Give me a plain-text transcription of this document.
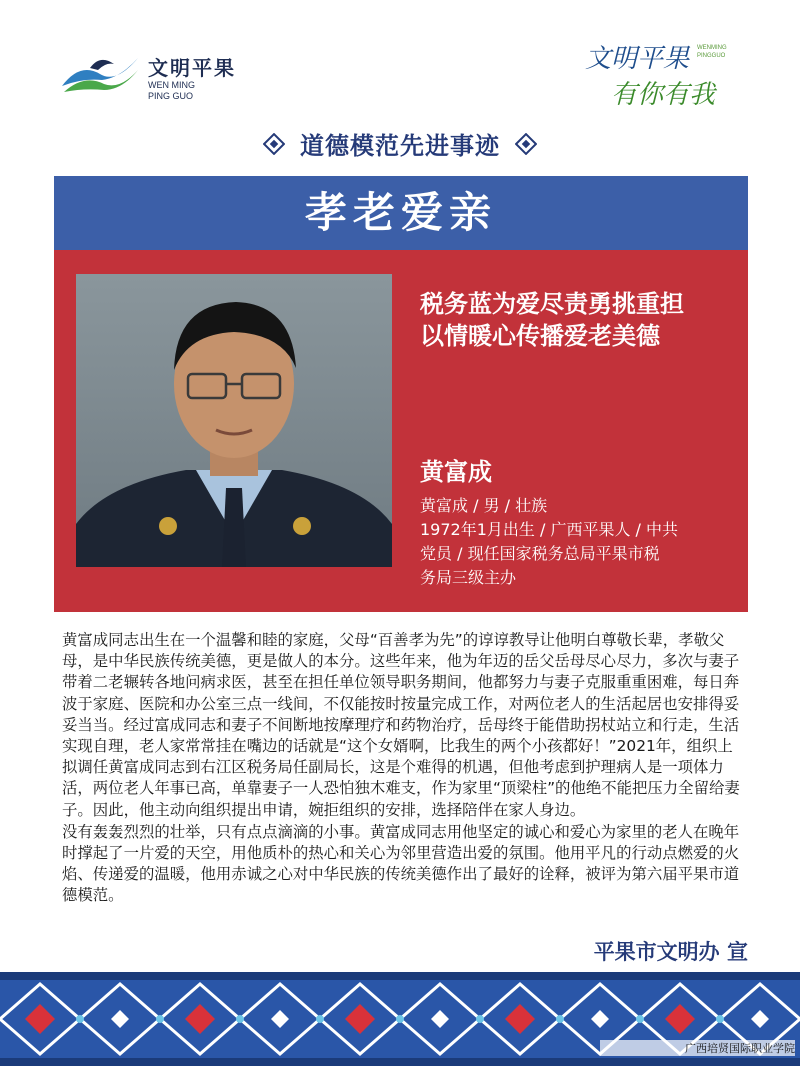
文明平果
WEN MING
PING GUO
文明平果 WENMING
PINGGUO
有你有我
道德模范先进事迹
孝老爱亲
税务蓝为爱尽责勇挑重担
以情暖心传播爱老美德
黄富成
黄富成 / 男 / 壮族
1972年1月出生 / 广西平果人 / 中共
党员 / 现任国家税务总局平果市税
务局三级主办

黄富成同志出生在一个温馨和睦的家庭，父母“百善孝为先”的谆谆教导让他明白尊敬长辈，孝敬父母，是中华民族传统美德，更是做人的本分。这些年来，他为年迈的岳父岳母尽心尽力，多次与妻子带着二老辗转各地问病求医，甚至在担任单位领导职务期间，他都努力与妻子克服重重困难，每日奔波于家庭、医院和办公室三点一线间，不仅能按时按量完成工作，对两位老人的生活起居也安排得妥妥当当。经过富成同志和妻子不间断地按摩理疗和药物治疗，岳母终于能借助拐杖站立和行走，生活实现自理，老人家常常挂在嘴边的话就是“这个女婿啊，比我生的两个小孩都好！”2021年，组织上拟调任黄富成同志到右江区税务局任副局长，这是个难得的机遇，但他考虑到护理病人是一项体力活，两位老人年事已高，单靠妻子一人恐怕独木难支，作为家里“顶梁柱”的他绝不能把压力全留给妻子。因此，他主动向组织提出申请，婉拒组织的安排，选择陪伴在家人身边。

没有轰轰烈烈的壮举，只有点点滴滴的小事。黄富成同志用他坚定的诚心和爱心为家里的老人在晚年时撑起了一片爱的天空，用他质朴的热心和关心为邻里营造出爱的氛围。他用平凡的行动点燃爱的火焰、传递爱的温暖，他用赤诚之心对中华民族的传统美德作出了最好的诠释，被评为第六届平果市道德模范。

平果市文明办 宣
广西培贤国际职业学院
